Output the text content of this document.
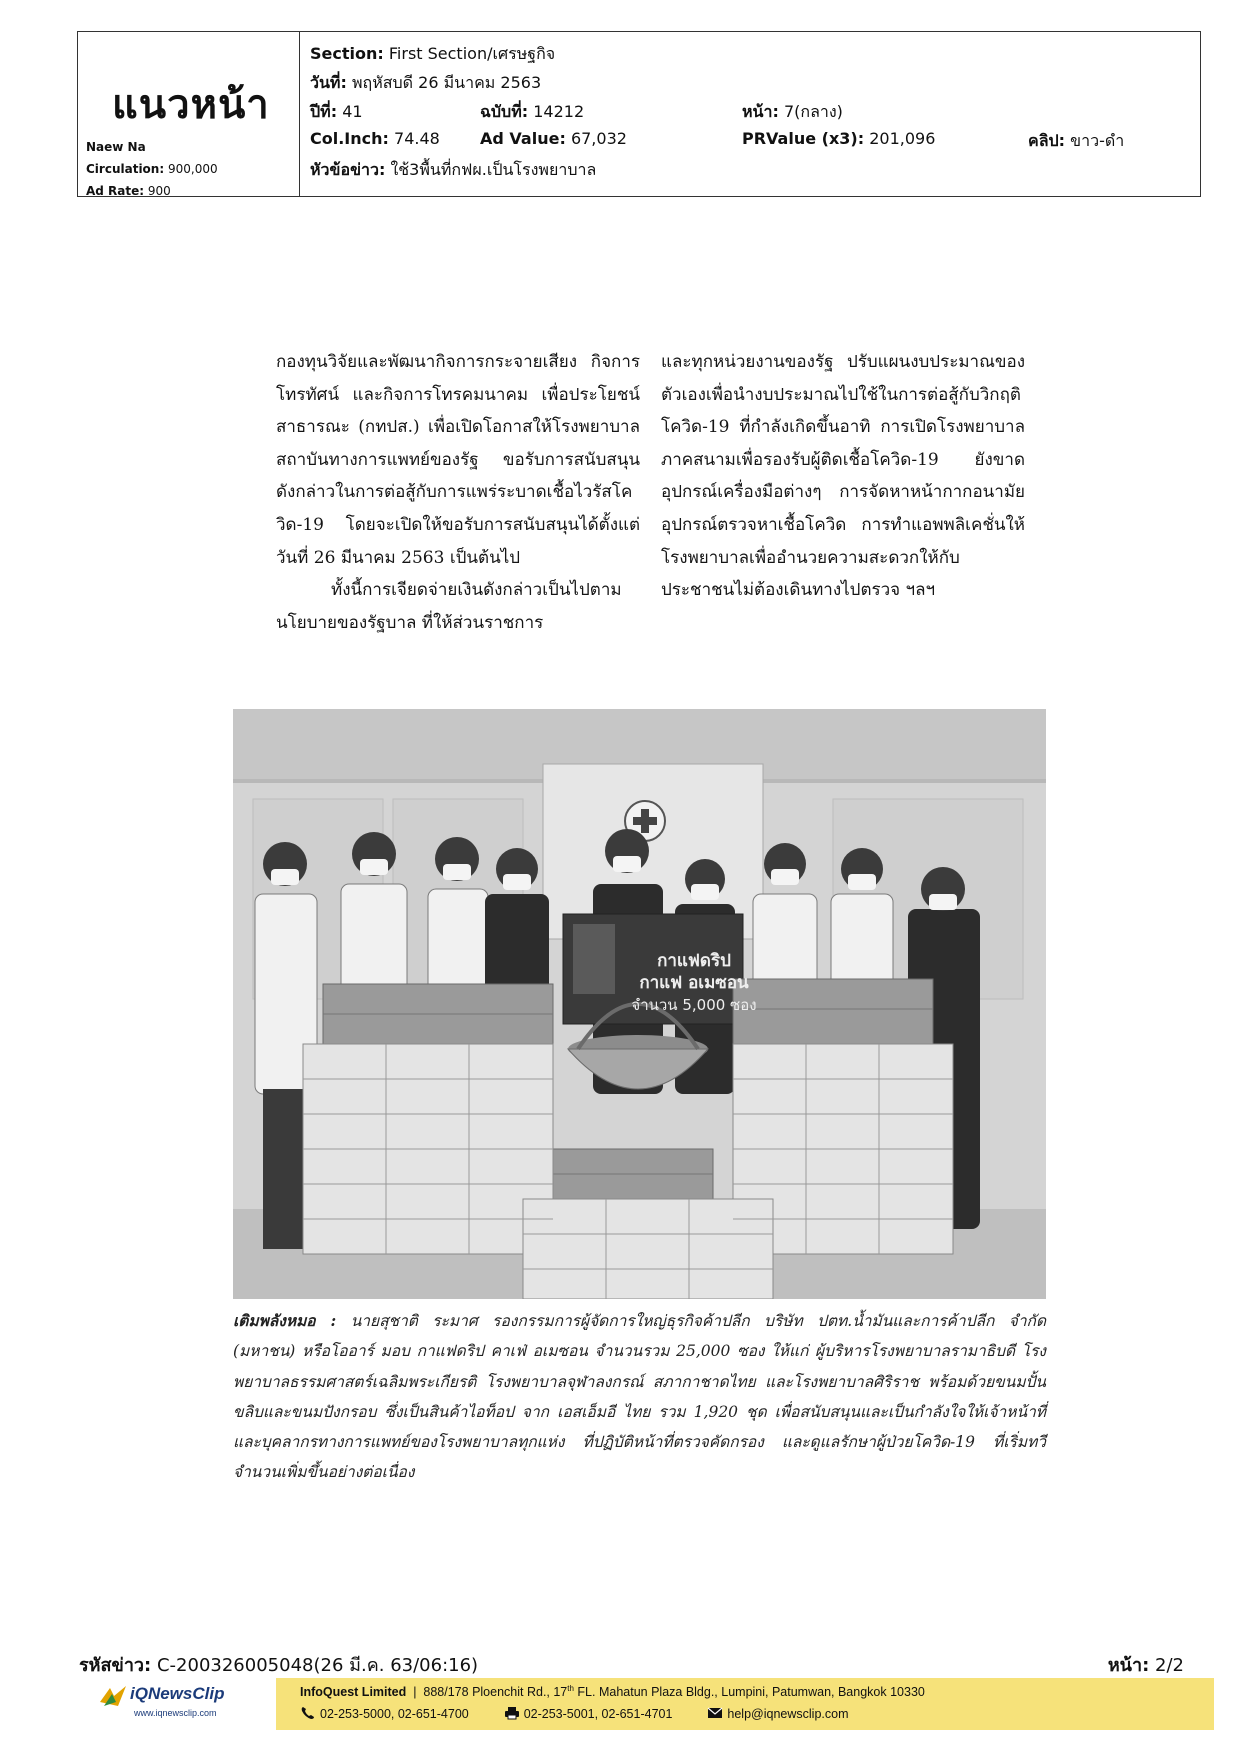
แนวหน้า
Naew Na
Circulation: 900,000
Ad Rate: 900
Section: First Section/เศรษฐกิจ
วันที่: พฤหัสบดี 26 มีนาคม 2563
ปีที่: 41	ฉบับที่: 14212	หน้า: 7(กลาง)
Col.Inch: 74.48	Ad Value: 67,032	PRValue (x3): 201,096	คลิป: ขาว-ดำ
หัวข้อข่าว: ใช้3พื้นที่กฟผ.เป็นโรงพยาบาล

กองทุนวิจัยและพัฒนากิจการกระจายเสียง กิจการโทรทัศน์ และกิจการโทรคมนาคม เพื่อประโยชน์สาธารณะ (กทปส.) เพื่อเปิดโอกาสให้โรงพยาบาล สถาบันทางการแพทย์ของรัฐ ขอรับการสนับสนุนดังกล่าวในการต่อสู้กับการแพร่ระบาดเชื้อไวรัสโควิด-19 โดยจะเปิดให้ขอรับการสนับสนุนได้ตั้งแต่วันที่ 26 มีนาคม 2563 เป็นต้นไป

ทั้งนี้การเจียดจ่ายเงินดังกล่าวเป็นไปตามนโยบายของรัฐบาล ที่ให้ส่วนราชการ

และทุกหน่วยงานของรัฐ ปรับแผนงบประมาณของตัวเองเพื่อนำงบประมาณไปใช้ในการต่อสู้กับวิกฤติโควิด-19 ที่กำลังเกิดขึ้นอาทิ การเปิดโรงพยาบาลภาคสนามเพื่อรองรับผู้ติดเชื้อโควิด-19 ยังขาดอุปกรณ์เครื่องมือต่างๆ การจัดหาหน้ากากอนามัย อุปกรณ์ตรวจหาเชื้อโควิด การทำแอพพลิเคชั่นให้โรงพยาบาลเพื่ออำนวยความสะดวกให้กับประชาชนไม่ต้องเดินทางไปตรวจ ฯลฯ

กาแฟดริป
กาแฟ อเมซอน
จำนวน 5,000 ซอง
เติมพลังหมอ : นายสุชาติ ระมาศ รองกรรมการผู้จัดการใหญ่ธุรกิจค้าปลีก บริษัท ปตท.น้ำมันและการค้าปลีก จำกัด (มหาชน) หรือโออาร์ มอบ กาแฟดริป คาเฟ่ อเมซอน จำนวนรวม 25,000 ซอง ให้แก่ ผู้บริหารโรงพยาบาลรามาธิบดี โรงพยาบาลธรรมศาสตร์เฉลิมพระเกียรติ โรงพยาบาลจุฬาลงกรณ์ สภากาชาดไทย และโรงพยาบาลศิริราช พร้อมด้วยขนมปั้นขลิบและขนมปังกรอบ ซึ่งเป็นสินค้าไอท็อป จาก เอสเอ็มอี ไทย รวม 1,920 ชุด เพื่อสนับสนุนและเป็นกำลังใจให้เจ้าหน้าที่และบุคลากรทางการแพทย์ของโรงพยาบาลทุกแห่ง ที่ปฏิบัติหน้าที่ตรวจคัดกรอง และดูแลรักษาผู้ป่วยโควิด-19 ที่เริ่มทวีจำนวนเพิ่มขึ้นอย่างต่อเนื่อง
รหัสข่าว: C-200326005048(26 มี.ค. 63/06:16)	หน้า: 2/2
iQNewsClip
www.iqnewsclip.com
InfoQuest Limited  |  888/178 Ploenchit Rd., 17th FL. Mahatun Plaza Bldg., Lumpini, Patumwan, Bangkok 10330
02-253-5000, 02-651-4700	02-253-5001, 02-651-4701	help@iqnewsclip.com
